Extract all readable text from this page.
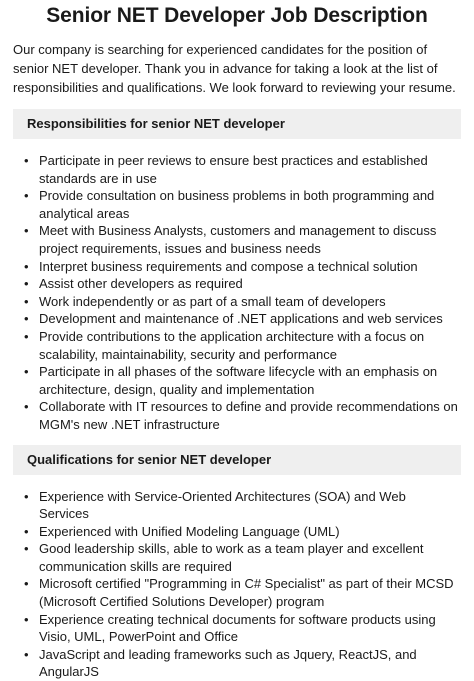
Senior NET Developer Job Description

Our company is searching for experienced candidates for the position of senior NET developer. Thank you in advance for taking a look at the list of responsibilities and qualifications. We look forward to reviewing your resume.

Responsibilities for senior NET developer
• Participate in peer reviews to ensure best practices and established standards are in use
• Provide consultation on business problems in both programming and analytical areas
• Meet with Business Analysts, customers and management to discuss project requirements, issues and business needs
• Interpret business requirements and compose a technical solution
• Assist other developers as required
• Work independently or as part of a small team of developers
• Development and maintenance of .NET applications and web services
• Provide contributions to the application architecture with a focus on scalability, maintainability, security and performance
• Participate in all phases of the software lifecycle with an emphasis on architecture, design, quality and implementation
• Collaborate with IT resources to define and provide recommendations on MGM's new .NET infrastructure
Qualifications for senior NET developer
• Experience with Service-Oriented Architectures (SOA) and Web Services
• Experienced with Unified Modeling Language (UML)
• Good leadership skills, able to work as a team player and excellent communication skills are required
• Microsoft certified "Programming in C# Specialist" as part of their MCSD (Microsoft Certified Solutions Developer) program
• Experience creating technical documents for software products using Visio, UML, PowerPoint and Office
• JavaScript and leading frameworks such as Jquery, ReactJS, and AngularJS
